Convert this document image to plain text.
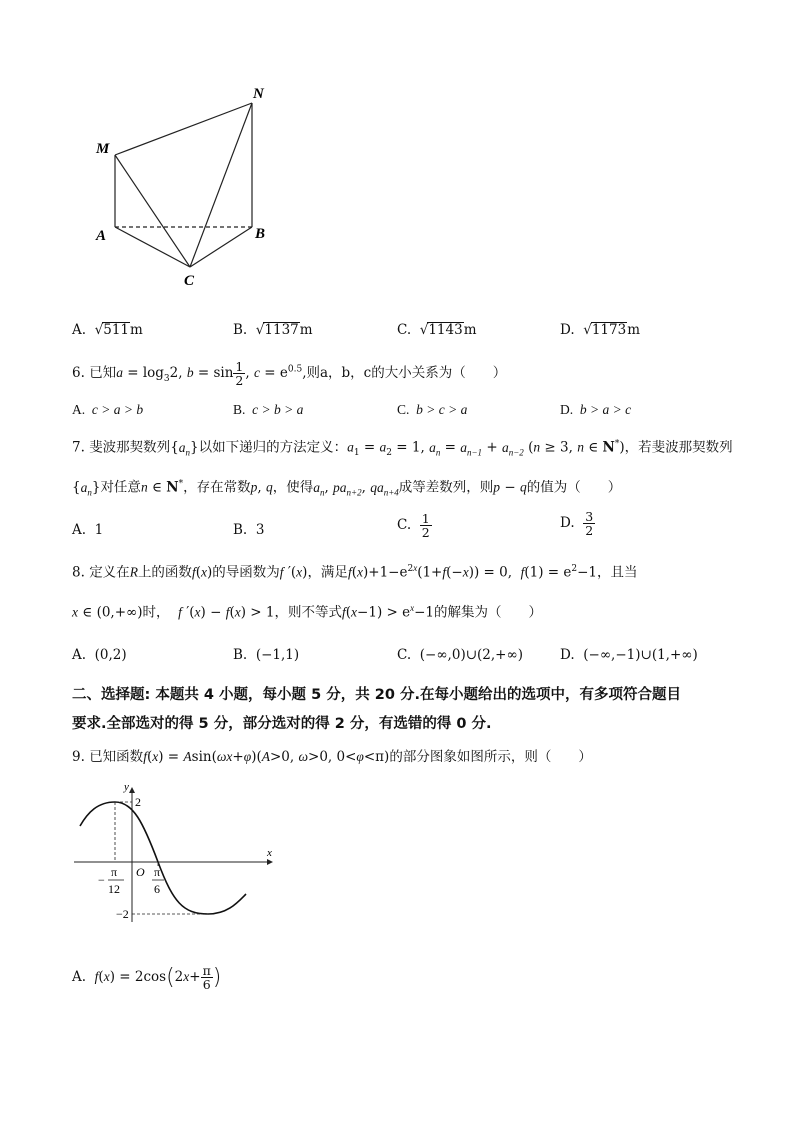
M
N
A	B
C
A.  √511m	B.  √1137m	C.  √1143m	D.  √1173m
6. 已知$a = \log_32$, $b = \sin \frac{1}{2}$ , $c = e^{0.5}$,则a，b，c的大小关系为（　　）
A. c > a > b	B. c > b > a	C. b > c > a	D. b > a > c
7. 斐波那契数列$\{a_n\}$以如下递归的方法定义：$a_1 = a_2 = 1$, $a_n = a_{n-1} + a_{n-2}$ (n ≥ 3, n ∈ N*)，若斐波那契数列
$\{a_n\}$对任意n ∈ N*，存在常数p, q，使得$a_n$, $pa_{n+2}$, $qa_{n+4}$成等差数列，则p − q的值为（　　）
A. 1	B. 3	C. $\frac{1}{2}$	D. $\frac{3}{2}$
8. 定义在R上的函数f(x)的导函数为f ′(x)，满足$f(x)+1-e^{2x}(1+f(-x)) = 0$,  $f(1) = e^2-1$，且当
x ∈ (0,+∞)时， f ′(x) − f(x) > 1，则不等式$f(x-1) > e^x-1$的解集为（　　）
A. (0,2)	B. (−1,1)	C. (−∞,0)∪(2,+∞)	D. (−∞,−1)∪(1,+∞)
二、选择题: 本题共 4 小题，每小题 5 分，共 20 分.在每小题给出的选项中，有多项符合题目
要求.全部选对的得 5 分，部分选对的得 2 分，有选错的得 0 分.
9. 已知函数f(x) = Asin(ωx+φ)(A>0, ω>0, 0<φ<π)的部分图象如图所示，则（　　）
x
y
2
−2
O
−
π
12
π
6
A. $f(x) = 2\cos(2x+ \frac{\pi}{6}$ )
